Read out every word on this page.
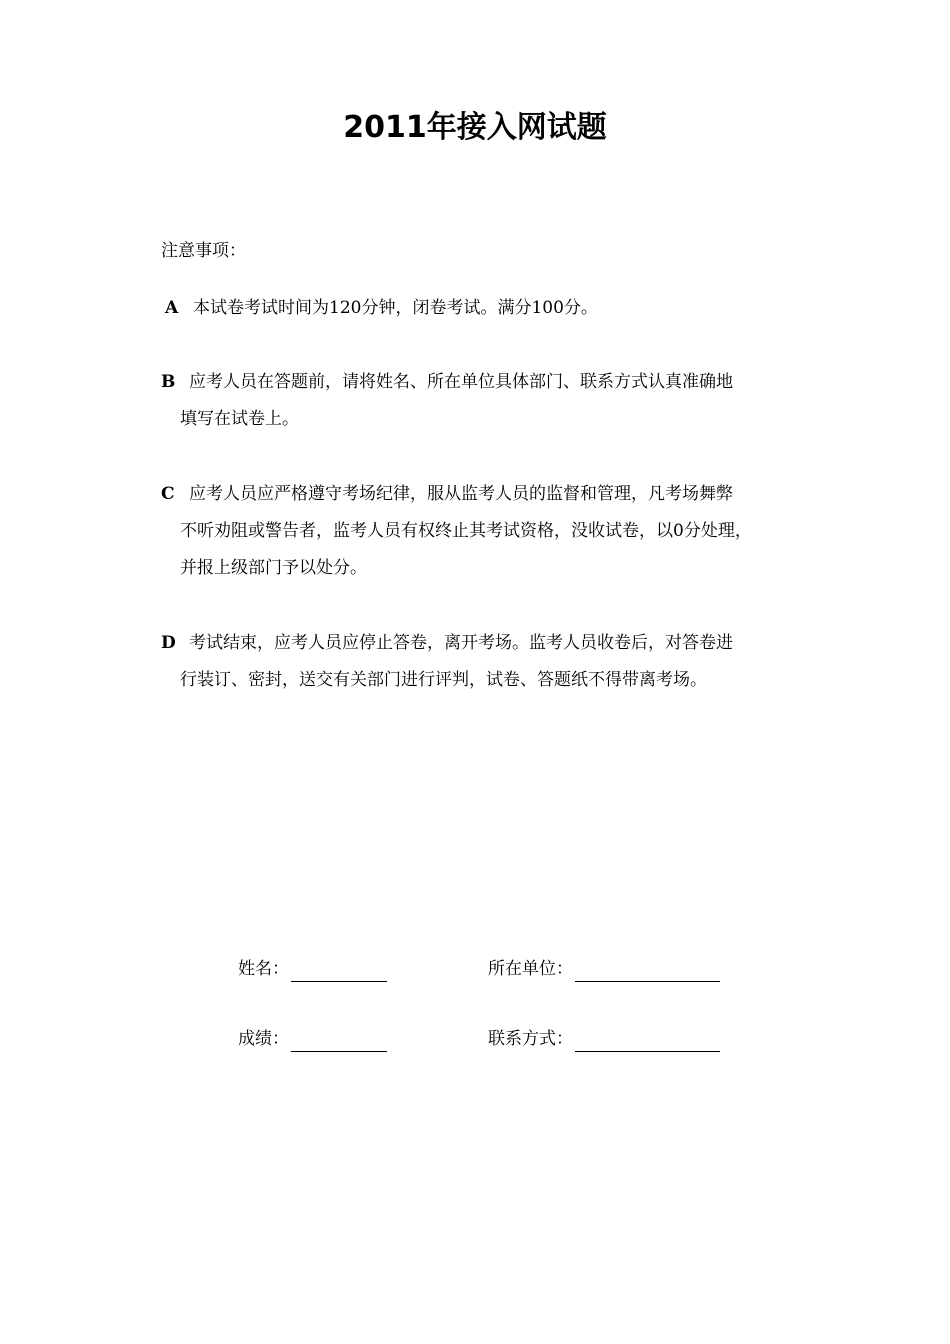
2011年接入网试题
注意事项：
A 本试卷考试时间为120分钟，闭卷考试。满分100分。
B 应考人员在答题前，请将姓名、所在单位具体部门、联系方式认真准确地
填写在试卷上。
C 应考人员应严格遵守考场纪律，服从监考人员的监督和管理，凡考场舞弊
不听劝阻或警告者，监考人员有权终止其考试资格，没收试卷，以0分处理，
并报上级部门予以处分。
D 考试结束，应考人员应停止答卷，离开考场。监考人员收卷后，对答卷进
行装订、密封，送交有关部门进行评判，试卷、答题纸不得带离考场。
姓名：	所在单位：
成绩：	联系方式：
